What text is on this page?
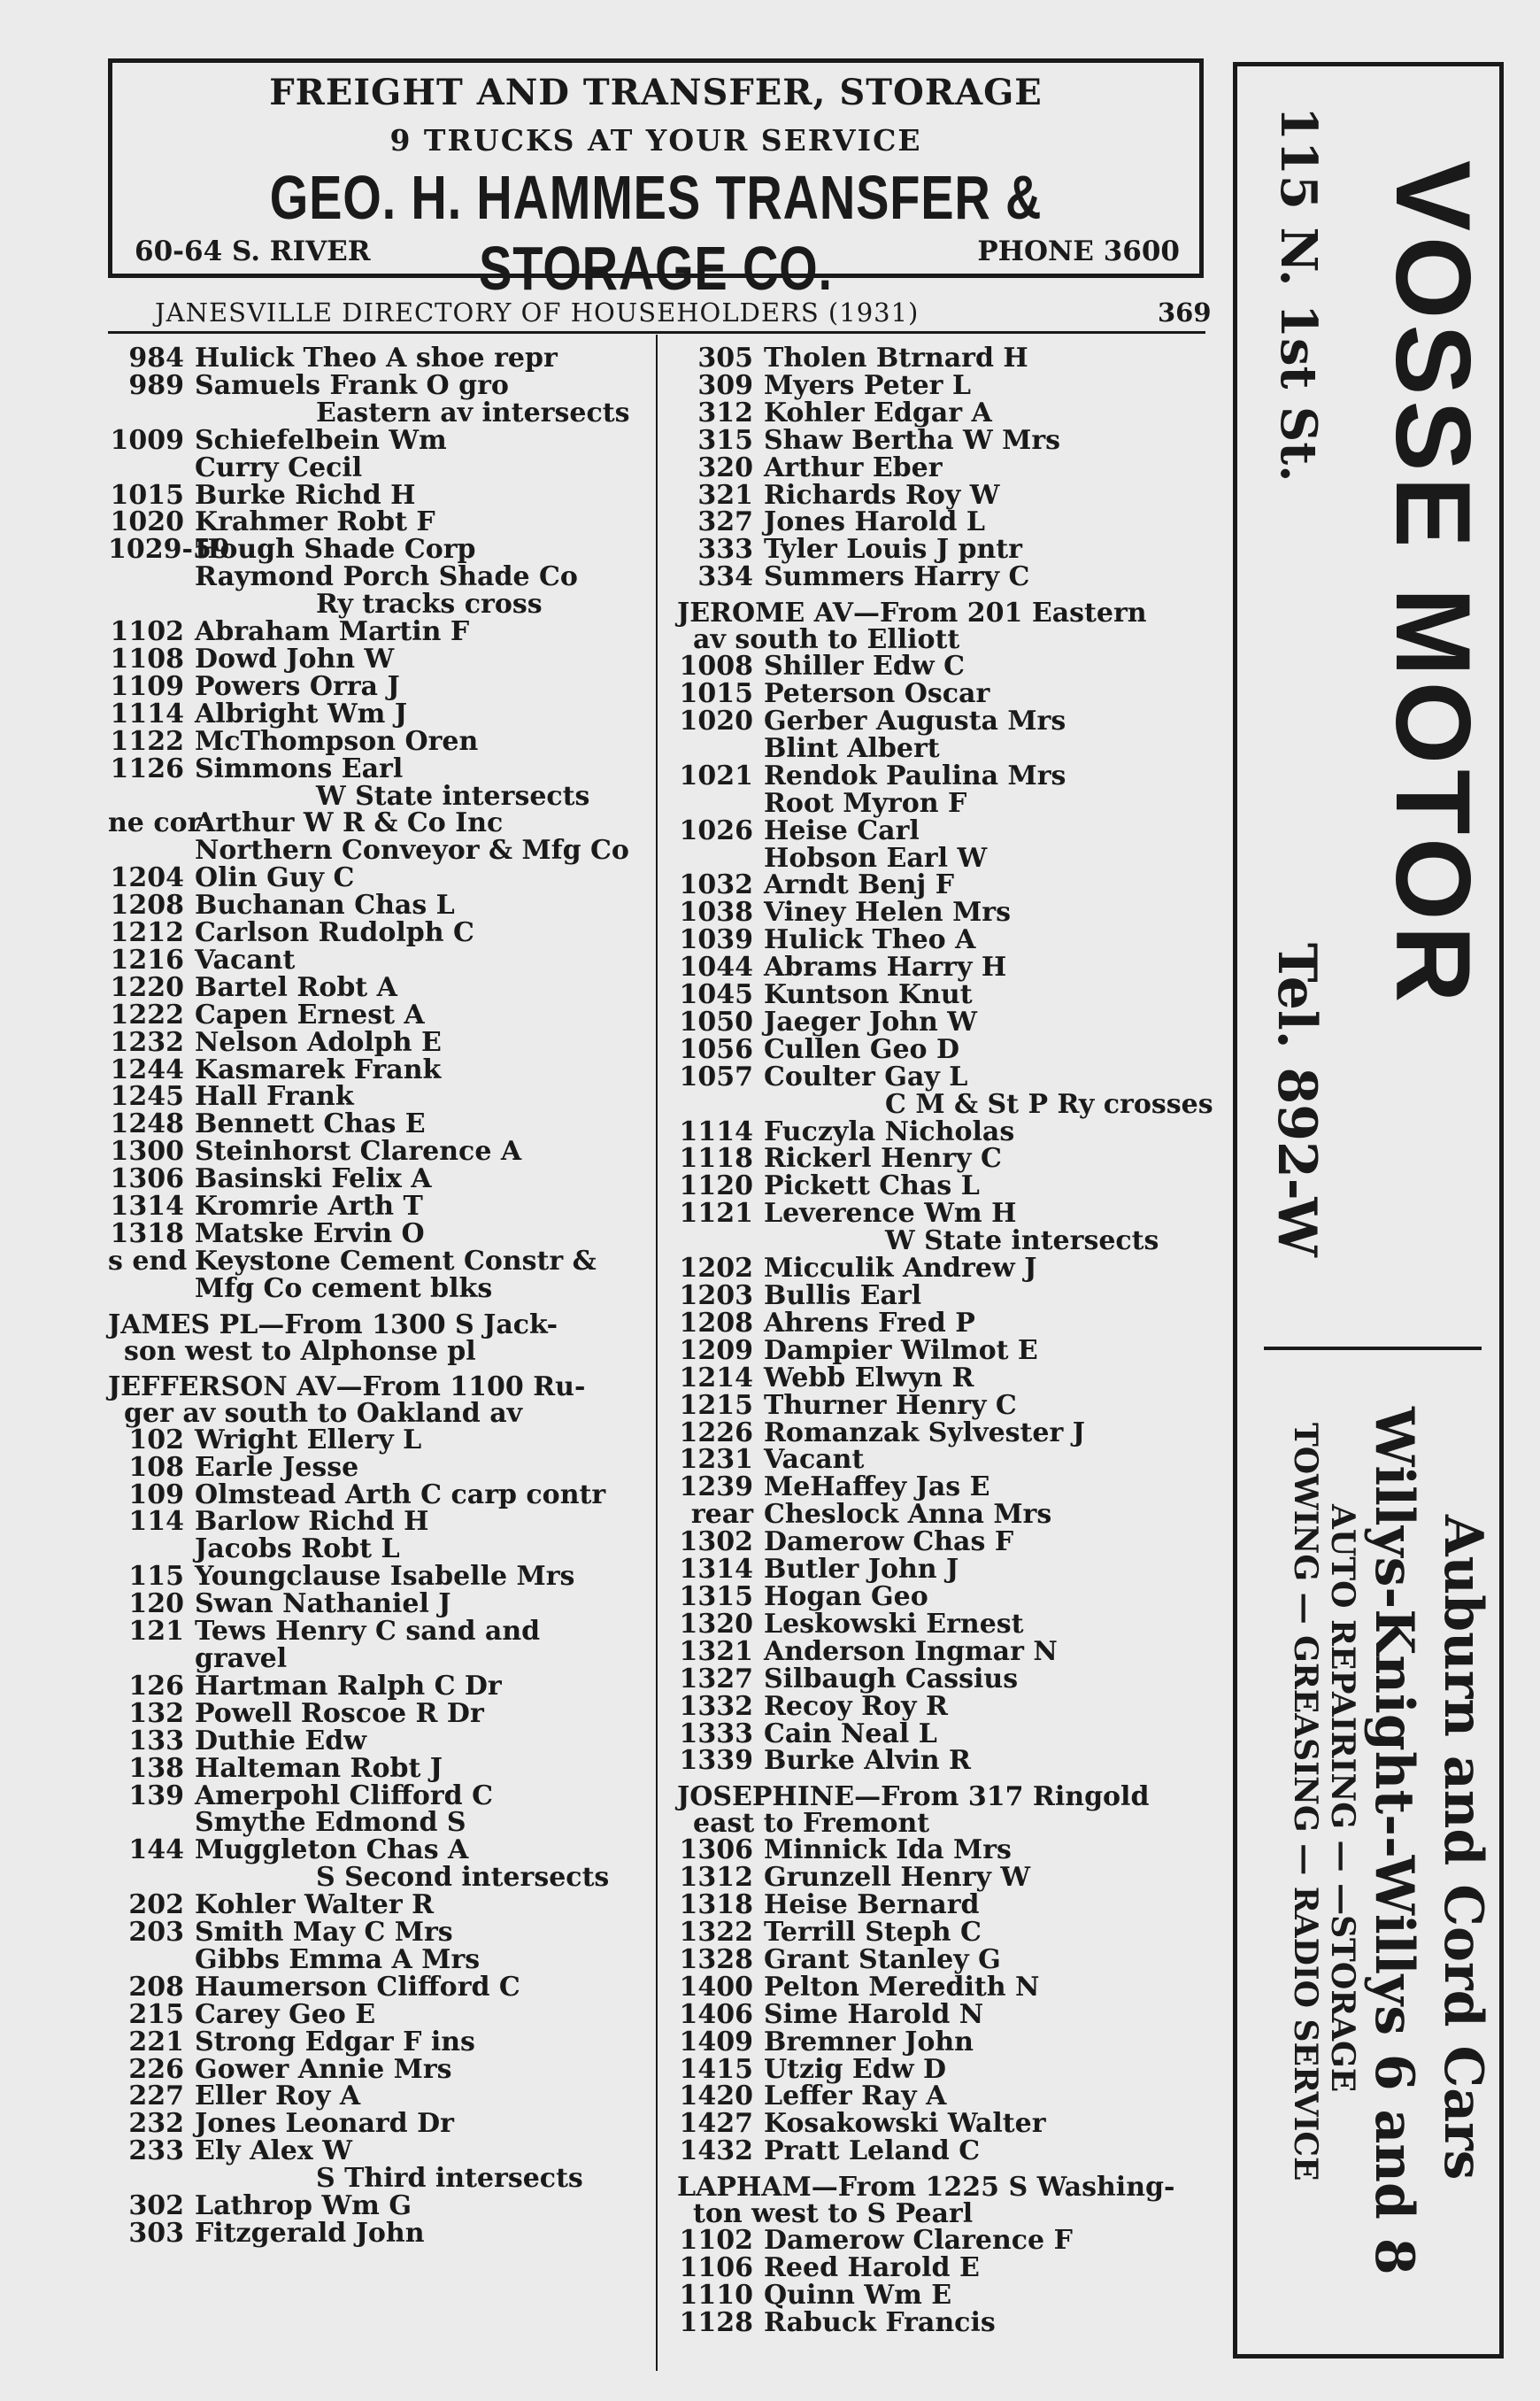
FREIGHT AND TRANSFER, STORAGE
9 TRUCKS AT YOUR SERVICE
GEO. H. HAMMES TRANSFER & STORAGE CO.
60-64 S. RIVER	PHONE 3600
JANESVILLE DIRECTORY OF HOUSEHOLDERS (1931)	369
984 Hulick Theo A shoe repr
989 Samuels Frank O gro
Eastern av intersects
1009 Schiefelbein Wm
Curry Cecil
1015 Burke Richd H
1020 Krahmer Robt F
1029-59
Hough Shade Corp
Raymond Porch Shade Co
Ry tracks cross
1102 Abraham Martin F
1108 Dowd John W
1109 Powers Orra J
1114 Albright Wm J
1122 McThompson Oren
1126 Simmons Earl
W State intersects
ne cor
Arthur W R & Co Inc
Northern Conveyor & Mfg Co
1204 Olin Guy C
1208 Buchanan Chas L
1212 Carlson Rudolph C
1216 Vacant
1220 Bartel Robt A
1222 Capen Ernest A
1232 Nelson Adolph E
1244 Kasmarek Frank
1245 Hall Frank
1248 Bennett Chas E
1300 Steinhorst Clarence A
1306 Basinski Felix A
1314 Kromrie Arth T
1318 Matske Ervin O
s end Keystone Cement Constr &
Mfg Co cement blks
JAMES PL—From 1300 S Jack-
son west to Alphonse pl
JEFFERSON AV—From 1100 Ru-
ger av south to Oakland av
102 Wright Ellery L
108 Earle Jesse
109 Olmstead Arth C carp contr
114 Barlow Richd H
Jacobs Robt L
115 Youngclause Isabelle Mrs
120 Swan Nathaniel J
121 Tews Henry C sand and
gravel
126 Hartman Ralph C Dr
132 Powell Roscoe R Dr
133 Duthie Edw
138 Halteman Robt J
139 Amerpohl Clifford C
Smythe Edmond S
144 Muggleton Chas A
S Second intersects
202 Kohler Walter R
203 Smith May C Mrs
Gibbs Emma A Mrs
208 Haumerson Clifford C
215 Carey Geo E
221 Strong Edgar F ins
226 Gower Annie Mrs
227 Eller Roy A
232 Jones Leonard Dr
233 Ely Alex W
S Third intersects
302 Lathrop Wm G
303 Fitzgerald John
305 Tholen Btrnard H
309 Myers Peter L
312 Kohler Edgar A
315 Shaw Bertha W Mrs
320 Arthur Eber
321 Richards Roy W
327 Jones Harold L
333 Tyler Louis J pntr
334 Summers Harry C
JEROME AV—From 201 Eastern
av south to Elliott
1008 Shiller Edw C
1015 Peterson Oscar
1020 Gerber Augusta Mrs
Blint Albert
1021 Rendok Paulina Mrs
Root Myron F
1026 Heise Carl
Hobson Earl W
1032 Arndt Benj F
1038 Viney Helen Mrs
1039 Hulick Theo A
1044 Abrams Harry H
1045 Kuntson Knut
1050 Jaeger John W
1056 Cullen Geo D
1057 Coulter Gay L
C M & St P Ry crosses
1114 Fuczyla Nicholas
1118 Rickerl Henry C
1120 Pickett Chas L
1121 Leverence Wm H
W State intersects
1202 Micculik Andrew J
1203 Bullis Earl
1208 Ahrens Fred P
1209 Dampier Wilmot E
1214 Webb Elwyn R
1215 Thurner Henry C
1226 Romanzak Sylvester J
1231 Vacant
1239 MeHaffey Jas E
rear Cheslock Anna Mrs
1302 Damerow Chas F
1314 Butler John J
1315 Hogan Geo
1320 Leskowski Ernest
1321 Anderson Ingmar N
1327 Silbaugh Cassius
1332 Recoy Roy R
1333 Cain Neal L
1339 Burke Alvin R
JOSEPHINE—From 317 Ringold
east to Fremont
1306 Minnick Ida Mrs
1312 Grunzell Henry W
1318 Heise Bernard
1322 Terrill Steph C
1328 Grant Stanley G
1400 Pelton Meredith N
1406 Sime Harold N
1409 Bremner John
1415 Utzig Edw D
1420 Leffer Ray A
1427 Kosakowski Walter
1432 Pratt Leland C
LAPHAM—From 1225 S Washing-
ton west to S Pearl
1102 Damerow Clarence F
1106 Reed Harold E
1110 Quinn Wm E
1128 Rabuck Francis
115 N. 1st St. VOSSE MOTOR
Tel. 892-W
Auburn and Cord Cars
Willys-Knight--Willys 6 and 8
AUTO REPAIRING — —STORAGE
TOWING — GREASING — RADIO SERVICE
